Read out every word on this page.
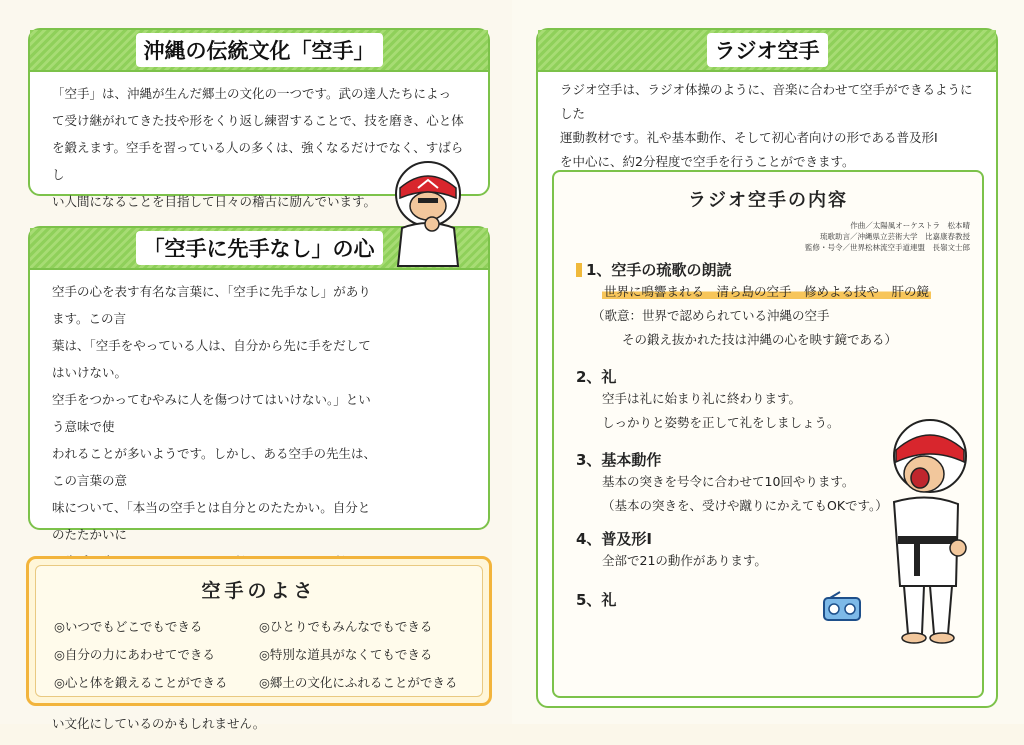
沖縄の伝統文化「空手」
「空手」は、沖縄が生んだ郷土の文化の一つです。武の達人たちによっ
て受け継がれてきた技や形をくり返し練習することで、技を磨き、心と体
を鍛えます。空手を習っている人の多くは、強くなるだけでなく、すばらし
い人間になることを目指して日々の稽古に励んでいます。
「空手に先手なし」の心
空手の心を表す有名な言葉に、「空手に先手なし」があります。この言
葉は、「空手をやっている人は、自分から先に手をだしてはいけない。
空手をつかってむやみに人を傷つけてはいけない。」という意味で使
われることが多いようです。しかし、ある空手の先生は、この言葉の意
味について、「本当の空手とは自分とのたたかい。自分とのたたかいに
い文化にしているのかもしれません。
空手のよさ
◎いつでもどこでもできる	◎ひとりでもみんなでもできる
◎自分の力にあわせてできる	◎特別な道具がなくてもできる
◎心と体を鍛えることができる	◎郷土の文化にふれることができる
ラジオ空手
ラジオ空手は、ラジオ体操のように、音楽に合わせて空手ができるようにした
運動教材です。礼や基本動作、そして初心者向けの形である普及形Ⅰ
を中心に、約2分程度で空手を行うことができます。
ラジオ空手の内容
作曲／太陽風オーケストラ　松本晴
琉歌助言／沖縄県立芸術大学　比嘉康春教授
監修・号令／世界松林流空手道連盟　長嶺文士郎
1、空手の琉歌の朗読
世界に鳴響まれる　清ら島の空手　修めよる技や　肝の鏡
（歌意：世界で認められている沖縄の空手
その鍛え抜かれた技は沖縄の心を映す鏡である）
2、礼
空手は礼に始まり礼に終わります。
しっかりと姿勢を正して礼をしましょう。
3、基本動作
基本の突きを号令に合わせて10回やります。
（基本の突きを、受けや蹴りにかえてもOKです。）
4、普及形Ⅰ
全部で21の動作があります。
5、礼
